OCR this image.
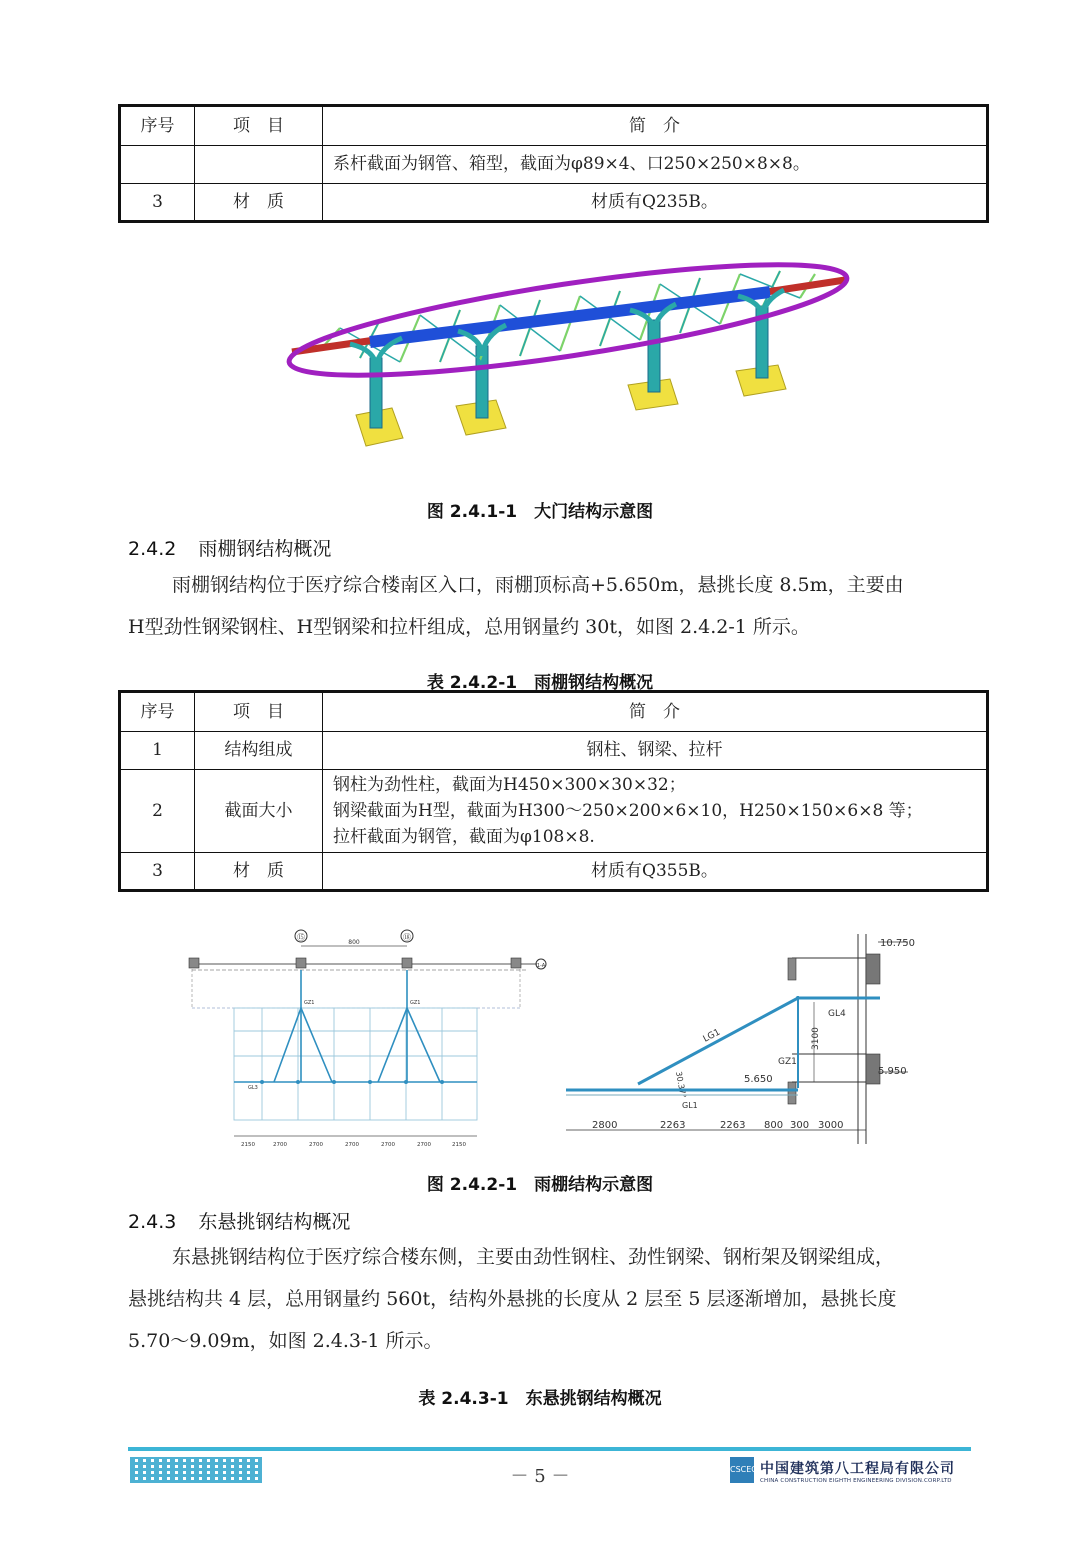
序号	项　目	简　介
		系杆截面为钢管、箱型，截面为φ89×4、口250×250×8×8。
3	材　质	材质有Q235B。
图 2.4.1-1　大门结构示意图
2.4.2 雨棚钢结构概况
雨棚钢结构位于医疗综合楼南区入口，雨棚顶标高+5.650m，悬挑长度 8.5m，主要由
H型劲性钢梁钢柱、H型钢梁和拉杆组成，总用钢量约 30t，如图 2.4.2-1 所示。
表 2.4.2-1　雨棚钢结构概况
序号	项　目	简　介
1	结构组成	钢柱、钢梁、拉杆
2	截面大小	钢柱为劲性柱，截面为H450×300×30×32；
钢梁截面为H型，截面为H300～250×200×6×10，H250×150×6×8 等；
拉杆截面为钢管，截面为φ108×8.

3	材　质	材质有Q355B。
⑮	⑱
800
1-A
GZ1	GZ1
GL3
2150	2700	2700	2700	2700	2700	2150
10.750
5.950
GZ1
GL4
3100
LG1
30.37°
GL1
5.650
2800	2263	2263 800 300 3000
图 2.4.2-1　雨棚结构示意图
2.4.3 东悬挑钢结构概况
东悬挑钢结构位于医疗综合楼东侧，主要由劲性钢柱、劲性钢梁、钢桁架及钢梁组成，
悬挑结构共 4 层，总用钢量约 560t，结构外悬挑的长度从 2 层至 5 层逐渐增加，悬挑长度
5.70～9.09m，如图 2.4.3-1 所示。
表 2.4.3-1　东悬挑钢结构概况
－ 5 －	CSCEC 中国建筑第八工程局有限公司
CHINA CONSTRUCTION EIGHTH ENGINEERING DIVISION.CORP.LTD
